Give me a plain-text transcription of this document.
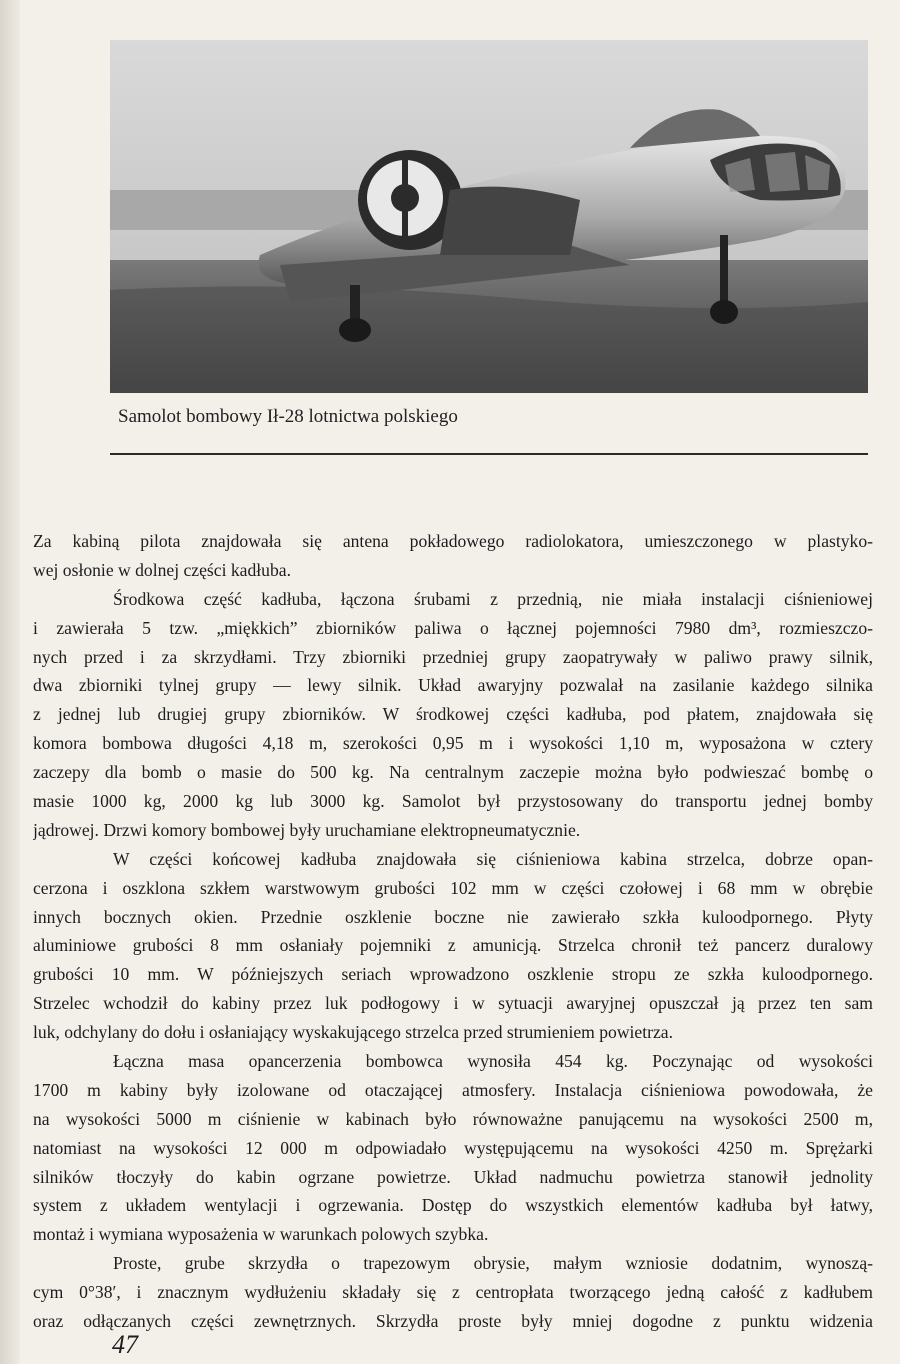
Samolot bombowy Ił-28 lotnictwa polskiego
Za kabiną pilota znajdowała się antena pokładowego radiolokatora, umieszczonego w plastyko-
wej osłonie w dolnej części kadłuba.
Środkowa część kadłuba, łączona śrubami z przednią, nie miała instalacji ciśnieniowej
i zawierała 5 tzw. „miękkich” zbiorników paliwa o łącznej pojemności 7980 dm³, rozmieszczo-
nych przed i za skrzydłami. Trzy zbiorniki przedniej grupy zaopatrywały w paliwo prawy silnik,
dwa zbiorniki tylnej grupy — lewy silnik. Układ awaryjny pozwalał na zasilanie każdego silnika
z jednej lub drugiej grupy zbiorników. W środkowej części kadłuba, pod płatem, znajdowała się
komora bombowa długości 4,18 m, szerokości 0,95 m i wysokości 1,10 m, wyposażona w cztery
zaczepy dla bomb o masie do 500 kg. Na centralnym zaczepie można było podwieszać bombę o
masie 1000 kg, 2000 kg lub 3000 kg. Samolot był przystosowany do transportu jednej bomby
jądrowej. Drzwi komory bombowej były uruchamiane elektropneumatycznie.
W części końcowej kadłuba znajdowała się ciśnieniowa kabina strzelca, dobrze opan-
cerzona i oszklona szkłem warstwowym grubości 102 mm w części czołowej i 68 mm w obrębie
innych bocznych okien. Przednie oszklenie boczne nie zawierało szkła kuloodpornego. Płyty
aluminiowe grubości 8 mm osłaniały pojemniki z amunicją. Strzelca chronił też pancerz duralowy
grubości 10 mm. W późniejszych seriach wprowadzono oszklenie stropu ze szkła kuloodpornego.
Strzelec wchodził do kabiny przez luk podłogowy i w sytuacji awaryjnej opuszczał ją przez ten sam
luk, odchylany do dołu i osłaniający wyskakującego strzelca przed strumieniem powietrza.
Łączna masa opancerzenia bombowca wynosiła 454 kg. Poczynając od wysokości
1700 m kabiny były izolowane od otaczającej atmosfery. Instalacja ciśnieniowa powodowała, że
na wysokości 5000 m ciśnienie w kabinach było równoważne panującemu na wysokości 2500 m,
natomiast na wysokości 12 000 m odpowiadało występującemu na wysokości 4250 m. Sprężarki
silników tłoczyły do kabin ogrzane powietrze. Układ nadmuchu powietrza stanowił jednolity
system z układem wentylacji i ogrzewania. Dostęp do wszystkich elementów kadłuba był łatwy,
montaż i wymiana wyposażenia w warunkach polowych szybka.
Proste, grube skrzydła o trapezowym obrysie, małym wzniosie dodatnim, wynoszą-
cym 0°38′, i znacznym wydłużeniu składały się z centropłata tworzącego jedną całość z kadłubem
oraz odłączanych części zewnętrznych. Skrzydła proste były mniej dogodne z punktu widzenia
47
